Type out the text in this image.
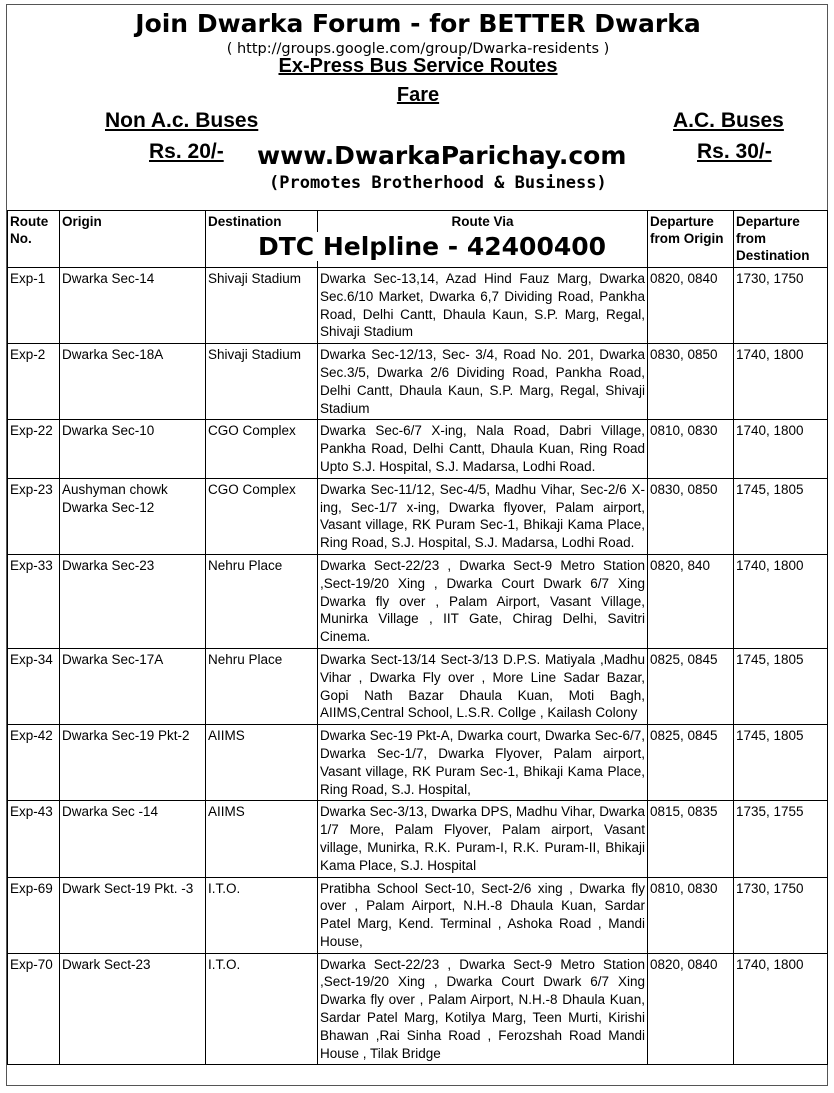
Join Dwarka Forum - for BETTER Dwarka
( http://groups.google.com/group/Dwarka-residents )
Ex-Press Bus Service Routes
Fare
Non A.c. Buses
Rs. 20/-
A.C. Buses
Rs. 30/-
www.DwarkaParichay.com
(Promotes Brotherhood & Business)
Route No.	Origin	Destination	Route Via	Departure from Origin	Departure from Destination
Exp-1	Dwarka Sec-14	Shivaji Stadium	Dwarka Sec-13,14, Azad Hind Fauz Marg, Dwarka Sec.6/10 Market, Dwarka 6,7 Dividing Road, Pankha Road, Delhi Cantt, Dhaula Kaun, S.P. Marg, Regal, Shivaji Stadium	0820, 0840	1730, 1750
Exp-2	Dwarka Sec-18A	Shivaji Stadium	Dwarka Sec-12/13, Sec- 3/4, Road No. 201, Dwarka Sec.3/5, Dwarka 2/6 Dividing Road, Pankha Road, Delhi Cantt, Dhaula Kaun, S.P. Marg, Regal, Shivaji Stadium	0830, 0850	1740, 1800
Exp-22	Dwarka Sec-10	CGO Complex	Dwarka Sec-6/7 X-ing, Nala Road, Dabri Village, Pankha Road, Delhi Cantt, Dhaula Kuan, Ring Road Upto S.J. Hospital, S.J. Madarsa, Lodhi Road.	0810, 0830	1740, 1800
Exp-23	Aushyman chowk Dwarka Sec-12	CGO Complex	Dwarka Sec-11/12, Sec-4/5, Madhu Vihar, Sec-2/6 X-ing, Sec-1/7 x-ing, Dwarka flyover, Palam airport, Vasant village, RK Puram Sec-1, Bhikaji Kama Place, Ring Road, S.J. Hospital, S.J. Madarsa, Lodhi Road.	0830, 0850	1745, 1805
Exp-33	Dwarka Sec-23	Nehru Place	Dwarka Sect-22/23 , Dwarka Sect-9 Metro Station ,Sect-19/20 Xing , Dwarka Court Dwark 6/7 Xing Dwarka fly over , Palam Airport, Vasant Village, Munirka Village , IIT Gate, Chirag Delhi, Savitri Cinema.	0820, 840	1740, 1800
Exp-34	Dwarka Sec-17A	Nehru Place	Dwarka Sect-13/14 Sect-3/13 D.P.S. Matiyala ,Madhu Vihar , Dwarka Fly over , More Line Sadar Bazar, Gopi Nath Bazar Dhaula Kuan, Moti Bagh, AIIMS,Central School, L.S.R. Collge , Kailash Colony	0825, 0845	1745, 1805
Exp-42	Dwarka Sec-19 Pkt-2	AIIMS	Dwarka Sec-19 Pkt-A, Dwarka court, Dwarka Sec-6/7, Dwarka Sec-1/7, Dwarka Flyover, Palam airport, Vasant village, RK Puram Sec-1, Bhikaji Kama Place, Ring Road, S.J. Hospital,	0825, 0845	1745, 1805
Exp-43	Dwarka Sec -14	AIIMS	Dwarka Sec-3/13, Dwarka DPS, Madhu Vihar, Dwarka 1/7 More, Palam Flyover, Palam airport, Vasant village, Munirka, R.K. Puram-I, R.K. Puram-II, Bhikaji Kama Place, S.J. Hospital	0815, 0835	1735, 1755
Exp-69	Dwark Sect-19 Pkt. -3	I.T.O.	Pratibha School Sect-10, Sect-2/6 xing , Dwarka fly over , Palam Airport, N.H.-8 Dhaula Kuan, Sardar Patel Marg, Kend. Terminal , Ashoka Road , Mandi House,	0810, 0830	1730, 1750
Exp-70	Dwark Sect-23	I.T.O.	Dwarka Sect-22/23 , Dwarka Sect-9 Metro Station ,Sect-19/20 Xing , Dwarka Court Dwark 6/7 Xing Dwarka fly over , Palam Airport, N.H.-8 Dhaula Kuan, Sardar Patel Marg, Kotilya Marg, Teen Murti, Kirishi Bhawan ,Rai Sinha Road , Ferozshah Road Mandi House , Tilak Bridge	0820, 0840	1740, 1800
DTC Helpline - 42400400
